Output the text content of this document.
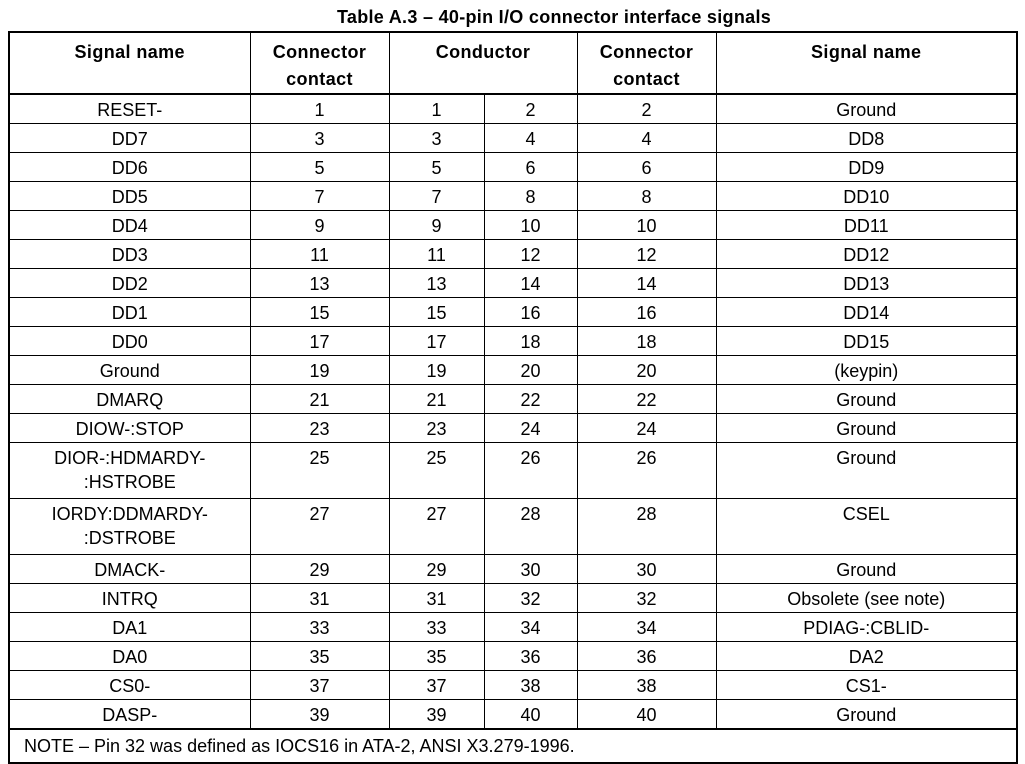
Table A.3 – 40-pin I/O connector interface signals
Signal name	Connector contact	Conductor		Connector contact	Signal name
RESET-	1	1	2	2	Ground
DD7	3	3	4	4	DD8
DD6	5	5	6	6	DD9
DD5	7	7	8	8	DD10
DD4	9	9	10	10	DD11
DD3	11	11	12	12	DD12
DD2	13	13	14	14	DD13
DD1	15	15	16	16	DD14
DD0	17	17	18	18	DD15
Ground	19	19	20	20	(keypin)
DMARQ	21	21	22	22	Ground
DIOW-:STOP	23	23	24	24	Ground
DIOR-:HDMARDY-
:HSTROBE	25	25	26	26	Ground
IORDY:DDMARDY-
:DSTROBE	27	27	28	28	CSEL
DMACK-	29	29	30	30	Ground
INTRQ	31	31	32	32	Obsolete (see note)
DA1	33	33	34	34	PDIAG-:CBLID-
DA0	35	35	36	36	DA2
CS0-	37	37	38	38	CS1-
DASP-	39	39	40	40	Ground
NOTE – Pin 32 was defined as IOCS16 in ATA-2, ANSI X3.279-1996.					
